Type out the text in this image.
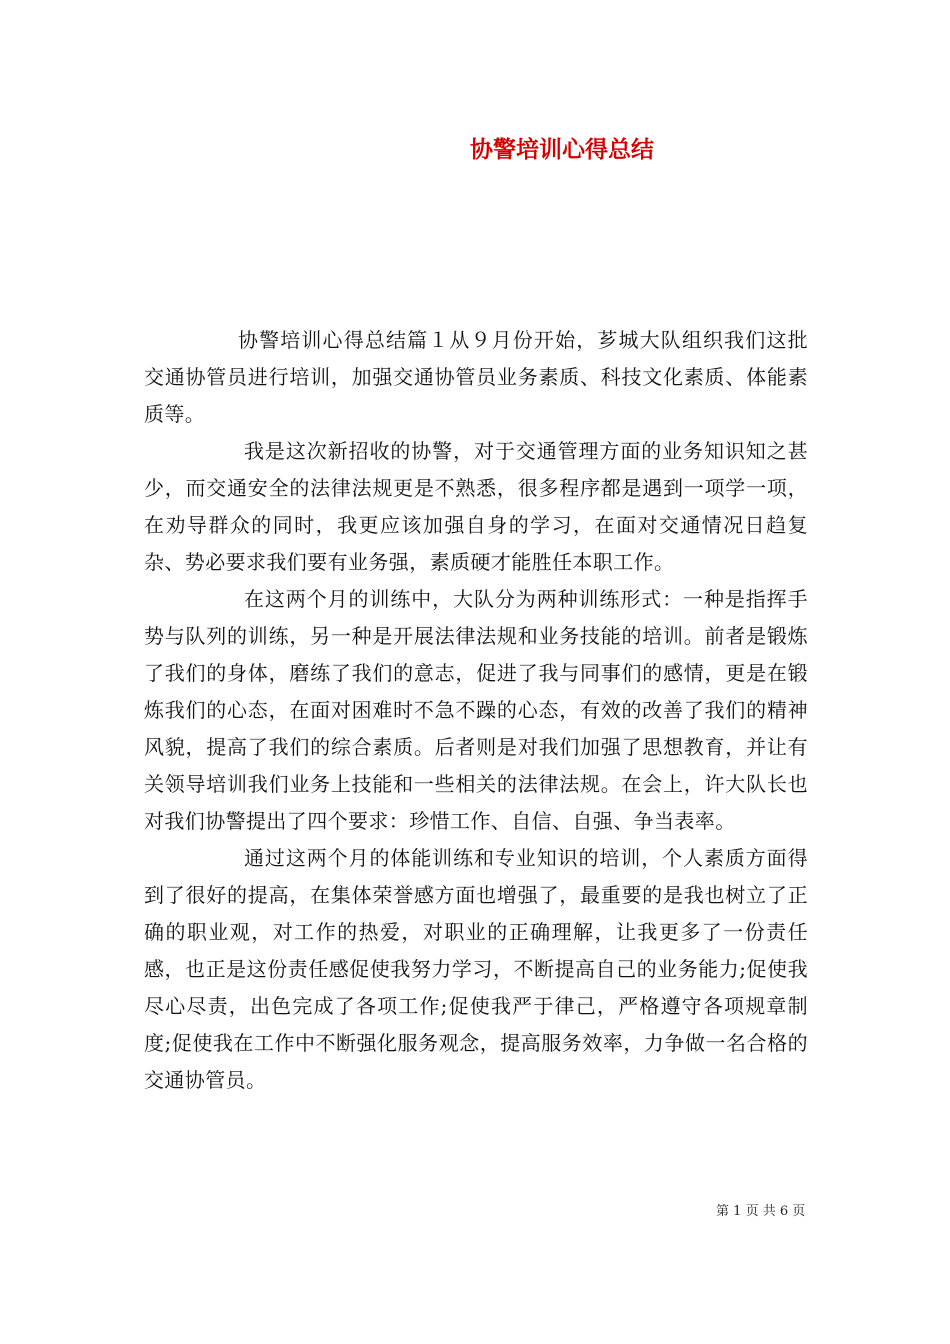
协警培训心得总结

协警培训心得总结篇１从９月份开始，芗城大队组织我们这批交通协管员进行培训，加强交通协管员业务素质、科技文化素质、体能素质等。

我是这次新招收的协警，对于交通管理方面的业务知识知之甚少，而交通安全的法律法规更是不熟悉，很多程序都是遇到一项学一项，在劝导群众的同时，我更应该加强自身的学习，在面对交通情况日趋复杂、势必要求我们要有业务强，素质硬才能胜任本职工作。

在这两个月的训练中，大队分为两种训练形式：一种是指挥手势与队列的训练，另一种是开展法律法规和业务技能的培训。前者是锻炼了我们的身体，磨练了我们的意志，促进了我与同事们的感情，更是在锻炼我们的心态，在面对困难时不急不躁的心态，有效的改善了我们的精神风貌，提高了我们的综合素质。后者则是对我们加强了思想教育，并让有关领导培训我们业务上技能和一些相关的法律法规。在会上，许大队长也对我们协警提出了四个要求：珍惜工作、自信、自强、争当表率。

通过这两个月的体能训练和专业知识的培训，个人素质方面得到了很好的提高，在集体荣誉感方面也增强了，最重要的是我也树立了正确的职业观，对工作的热爱，对职业的正确理解，让我更多了一份责任感，也正是这份责任感促使我努力学习，不断提高自己的业务能力;促使我尽心尽责，出色完成了各项工作;促使我严于律己，严格遵守各项规章制度;促使我在工作中不断强化服务观念，提高服务效率，力争做一名合格的交通协管员。

第 1 页 共 6 页
